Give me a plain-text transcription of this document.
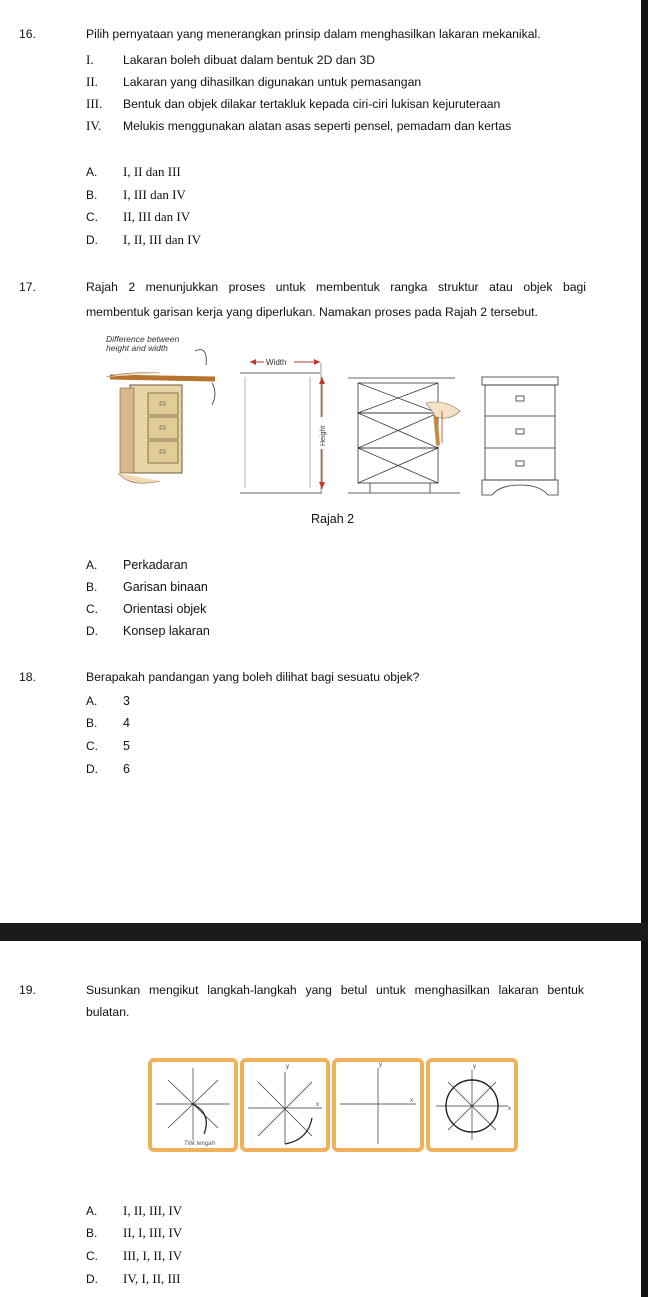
16.	Pilih pernyataan yang menerangkan prinsip dalam menghasilkan lakaran mekanikal.
I. Lakaran boleh dibuat dalam bentuk 2D dan 3D
II. Lakaran yang dihasilkan digunakan untuk pemasangan
III. Bentuk dan objek dilakar tertakluk kepada ciri-ciri lukisan kejuruteraan
IV. Melukis menggunakan alatan asas seperti pensel, pemadam dan kertas
A. I, II dan III
B. I, III dan IV
C. II, III dan IV
D. I, II, III dan IV
17.	Rajah 2 menunjukkan proses untuk membentuk rangka struktur atau objek bagi
membentuk garisan kerja yang diperlukan. Namakan proses pada Rajah 2 tersebut.
Difference between
height and width
Width
Height
Rajah 2
A. Perkadaran
B. Garisan binaan
C. Orientasi objek
D. Konsep lakaran
18.	Berapakah pandangan yang boleh dilihat bagi sesuatu objek?
A. 3
B. 4
C. 5
D. 6
19.	Susunkan mengikut langkah-langkah yang betul untuk menghasilkan lakaran bentuk
bulatan.
Titik tengah
y
x
y
x
y
x
A. I, II, III, IV
B. II, I, III, IV
C. III, I, II, IV
D. IV, I, II, III
